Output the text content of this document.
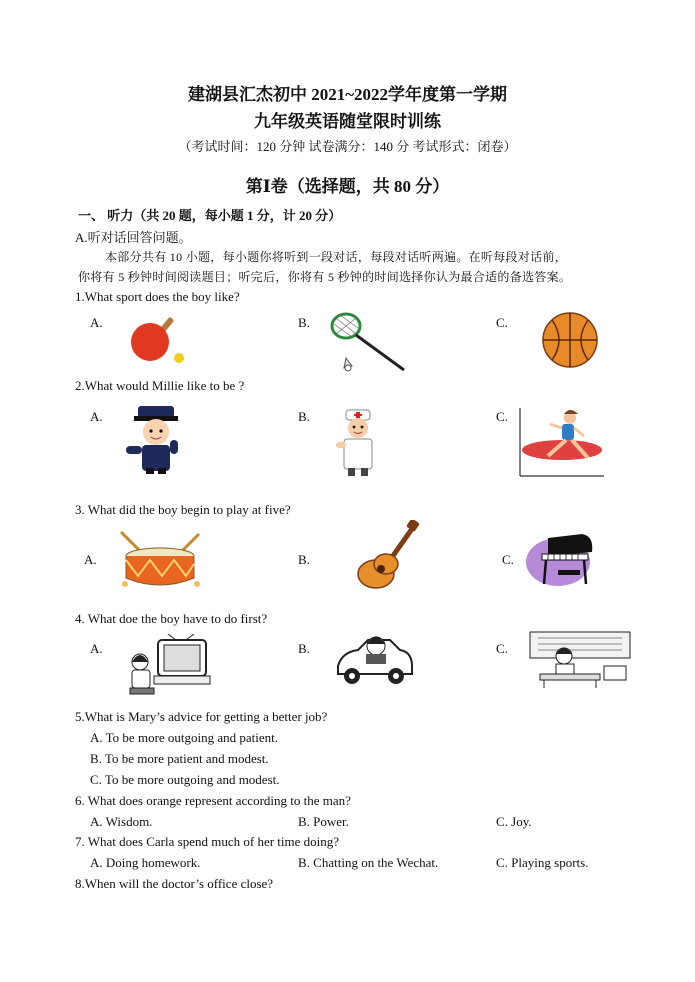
建湖县汇杰初中 2021~2022学年度第一学期
九年级英语随堂限时训练
（考试时间：120 分钟 试卷满分：140 分 考试形式：闭卷）
第Ⅰ卷（选择题，共 80 分）
一、 听力（共 20 题，每小题 1 分，计 20 分）
A.听对话回答问题。
本部分共有 10 小题，每小题你将听到一段对话，每段对话听两遍。在听每段对话前，
你将有 5 秒钟时间阅读题目；听完后，你将有 5 秒钟的时间选择你认为最合适的备选答案。
1.What sport does the boy like?
A.	B.	C.
2.What would Millie like to be ?
A.	B.	C.
3. What did the boy begin to play at five?
A.	B.	C.
4. What doe the boy have to do first?
A.	B.	C.
5.What is Mary’s advice for getting a better job?
A. To be more outgoing and patient.
B. To be more patient and modest.
C. To be more outgoing and modest.
6. What does orange represent according to the man?
A. Wisdom.	B. Power.	C. Joy.
7. What does Carla spend much of her time doing?
A. Doing homework.	B. Chatting on the Wechat.	C. Playing sports.
8.When will the doctor’s office close?
